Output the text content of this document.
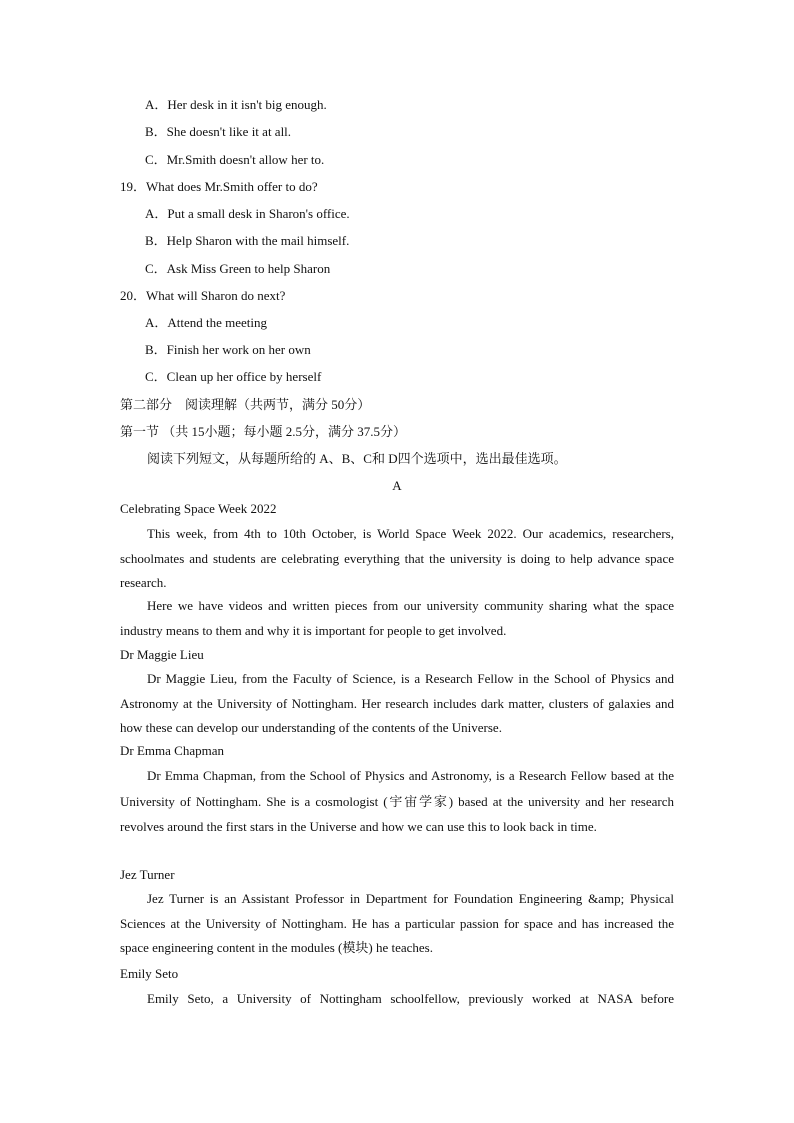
A．Her desk in it isn't big enough.
B．She doesn't like it at all.
C．Mr.Smith doesn't allow her to.
19．What does Mr.Smith offer to do?
A．Put a small desk in Sharon's office.
B．Help Sharon with the mail himself.
C．Ask Miss Green to help Sharon
20．What will Sharon do next?
A．Attend the meeting
B．Finish her work on her own
C．Clean up her office by herself
第二部分　阅读理解（共两节，满分 50分）
第一节 （共 15小题；每小题 2.5分，满分 37.5分）
阅读下列短文，从每题所给的 A、B、C和 D四个选项中，选出最佳选项。
A
Celebrating Space Week 2022
This week, from 4th to 10th October, is World Space Week 2022. Our academics, researchers, schoolmates and students are celebrating everything that the university is doing to help advance space research.
Here we have videos and written pieces from our university community sharing what the space industry means to them and why it is important for people to get involved.
Dr Maggie Lieu
Dr Maggie Lieu, from the Faculty of Science, is a Research Fellow in the School of Physics and Astronomy at the University of Nottingham. Her research includes dark matter, clusters of galaxies and how these can develop our understanding of the contents of the Universe.
Dr Emma Chapman
Dr Emma Chapman, from the School of Physics and Astronomy, is a Research Fellow based at the University of Nottingham. She is a cosmologist (宇宙学家) based at the university and her research revolves around the first stars in the Universe and how we can use this to look back in time.
Jez Turner
Jez Turner is an Assistant Professor in Department for Foundation Engineering &amp; Physical Sciences at the University of Nottingham. He has a particular passion for space and has increased the space engineering content in the modules (模块) he teaches.
Emily Seto
Emily Seto, a University of Nottingham schoolfellow, previously worked at NASA before
